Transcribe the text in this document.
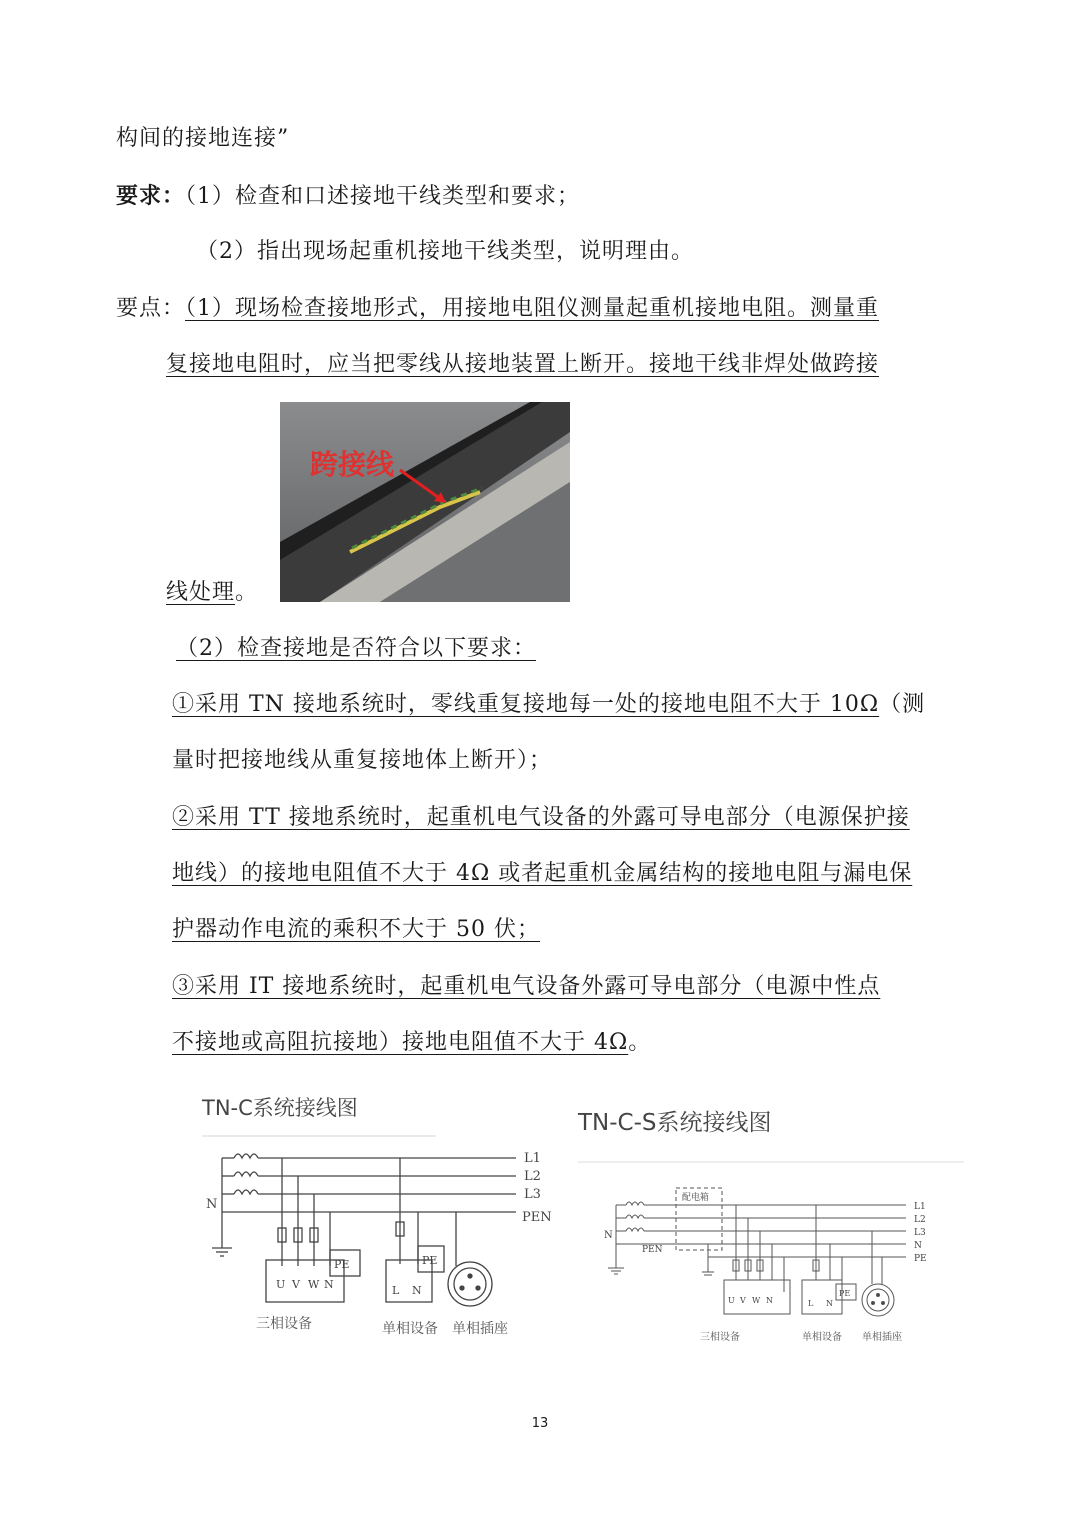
构间的接地连接”
要求：（1）检查和口述接地干线类型和要求；
（2）指出现场起重机接地干线类型，说明理由。
要点：（1）现场检查接地形式，用接地电阻仪测量起重机接地电阻。测量重
复接地电阻时，应当把零线从接地装置上断开。接地干线非焊处做跨接
线处理。
跨接线
（2）检查接地是否符合以下要求：
①采用 TN 接地系统时，零线重复接地每一处的接地电阻不大于 10Ω（测
量时把接地线从重复接地体上断开）；
②采用 TT 接地系统时，起重机电气设备的外露可导电部分（电源保护接
地线）的接地电阻值不大于 4Ω 或者起重机金属结构的接地电阻与漏电保
护器动作电流的乘积不大于 50 伏；
③采用 IT 接地系统时，起重机电气设备外露可导电部分（电源中性点
不接地或高阻抗接地）接地电阻值不大于 4Ω。
TN-C系统接线图
L1
L2
L3
PEN
N
PE
U V W N
PE
L N
三相设备	单相设备 单相插座
TN-C-S系统接线图
L1
L2
L3
N
PE
N
PEN
配电箱
U V W N
PE
L N
三相设备	单相设备 单相插座
13
